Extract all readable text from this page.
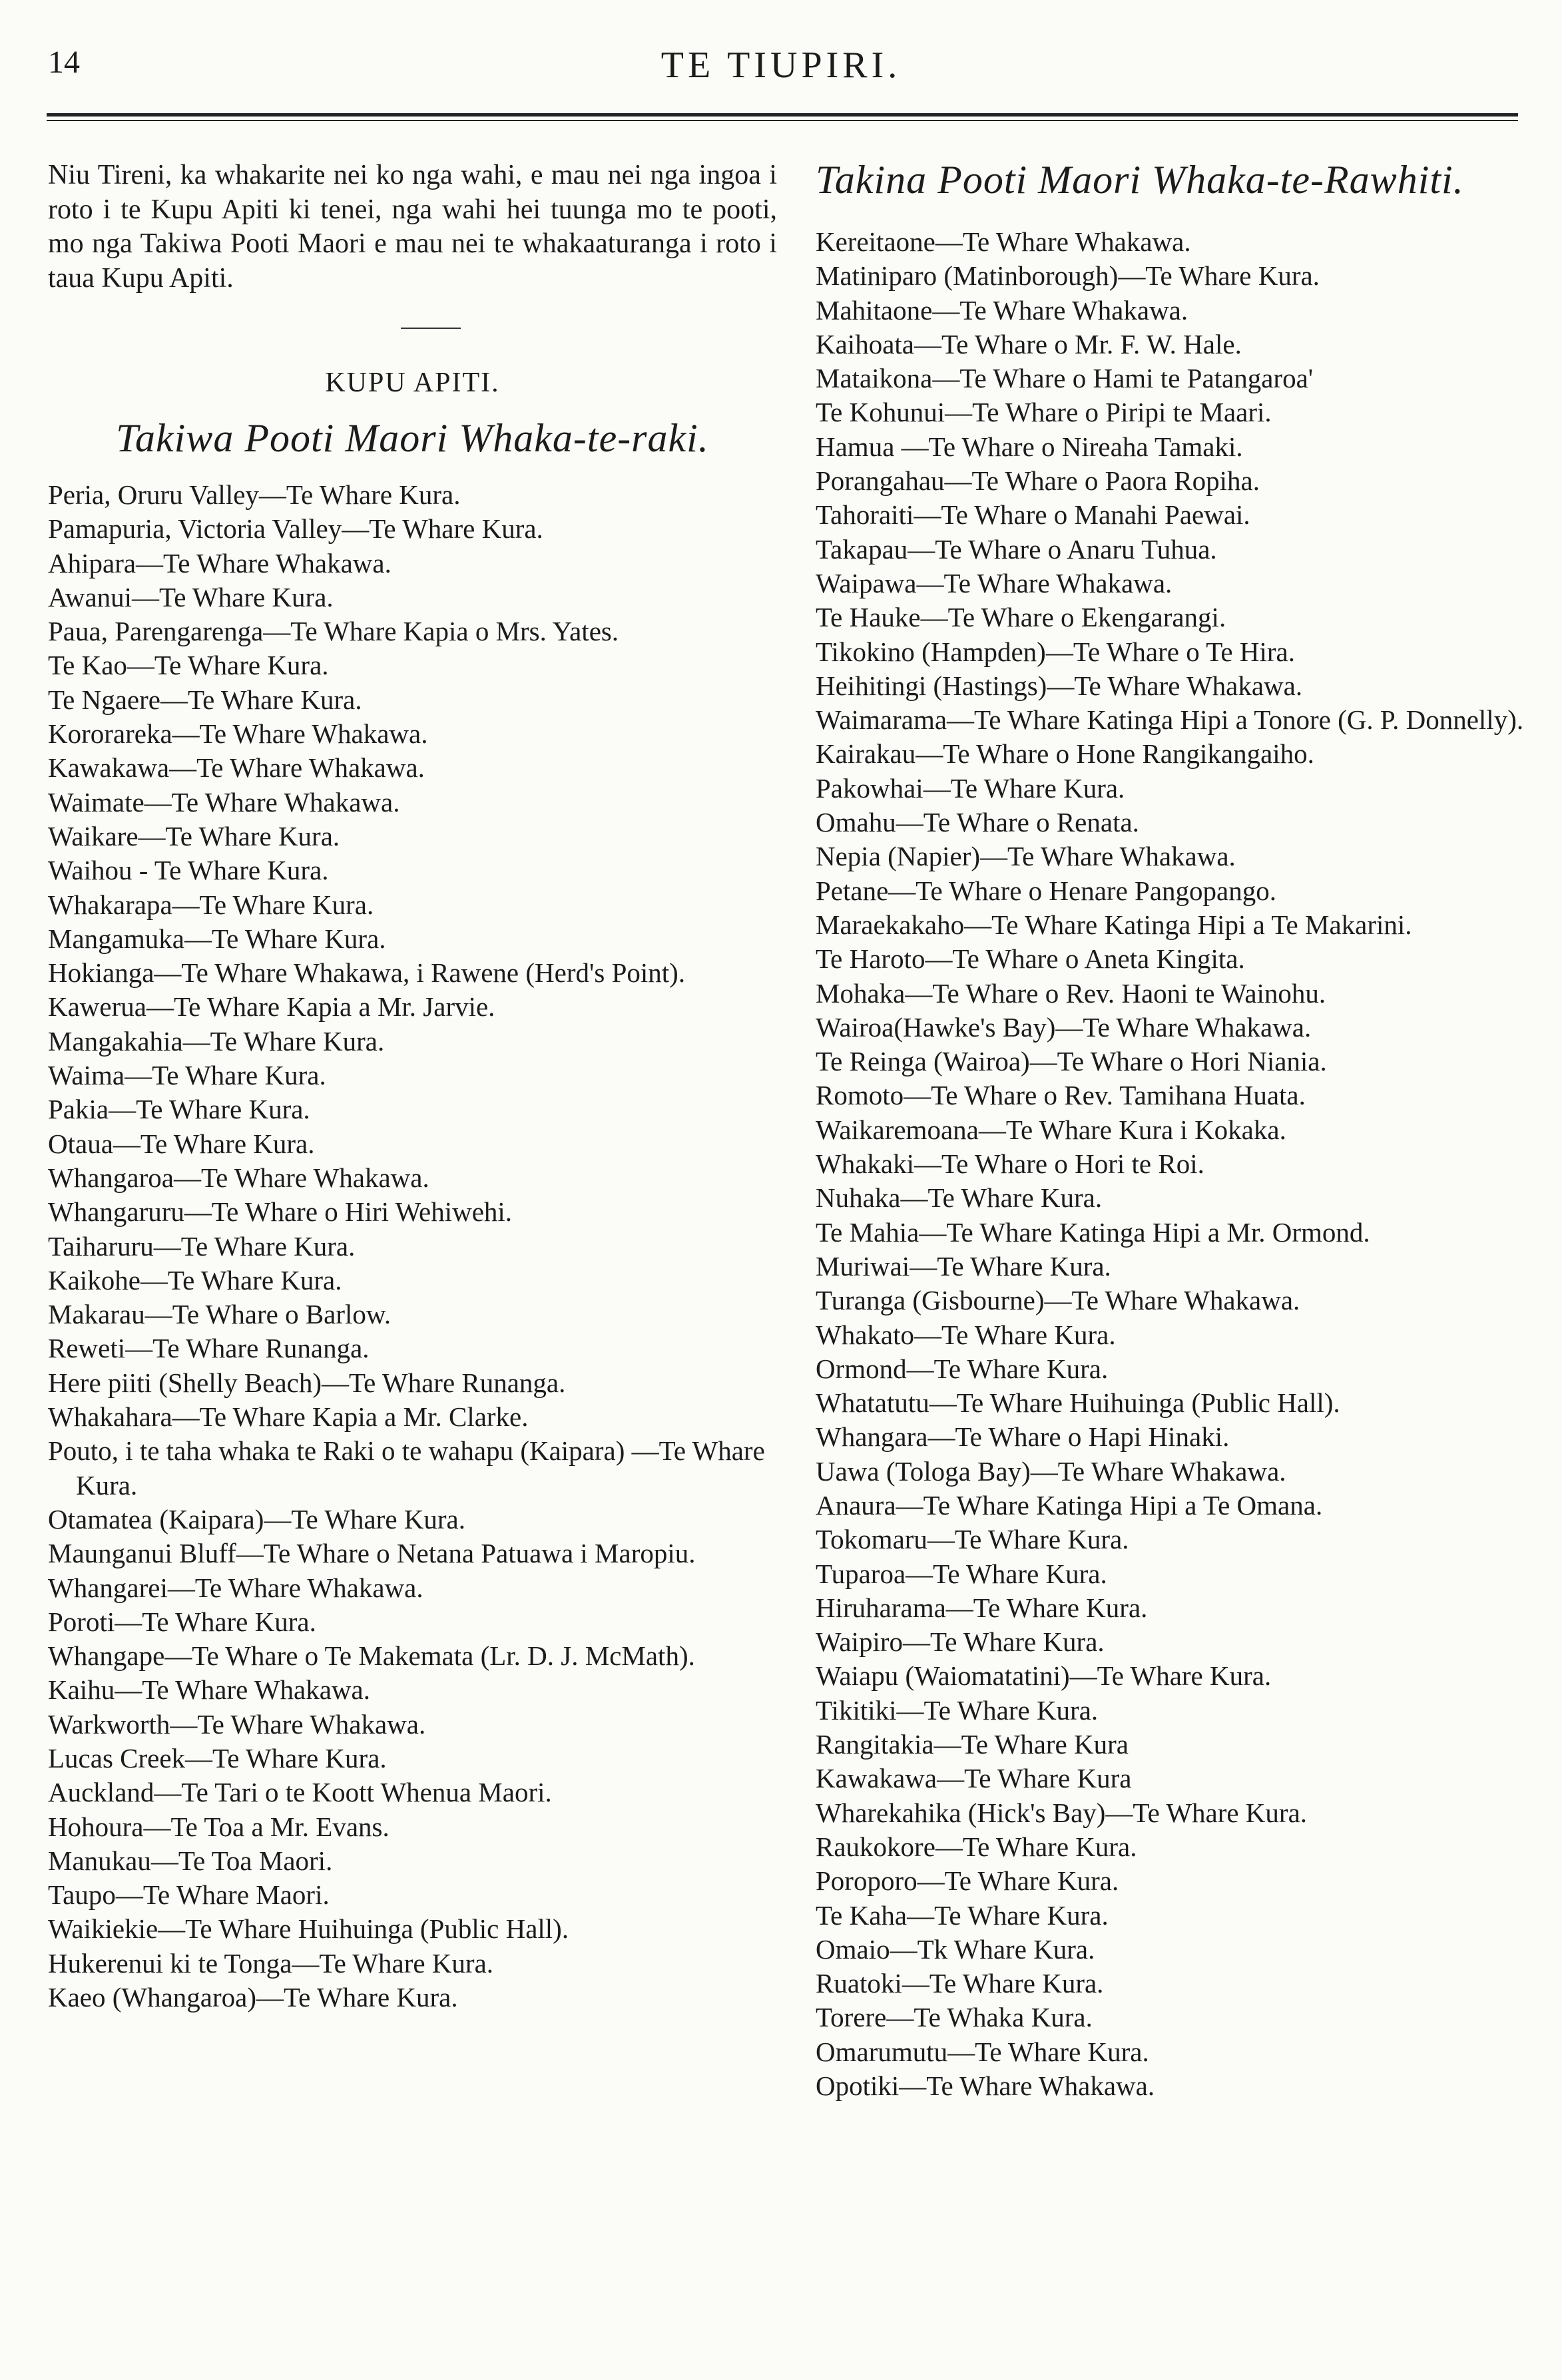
14	TE TIUPIRI.

Niu Tireni, ka whakarite nei ko nga wahi, e mau nei nga ingoa i roto i te Kupu Apiti ki tenei, nga wahi hei tuunga mo te pooti, mo nga Takiwa Pooti Maori e mau nei te whakaaturanga i roto i taua Kupu Apiti.

KUPU APITI.
Takiwa Pooti Maori Whaka-te-raki.
Peria, Oruru Valley—Te Whare Kura.
Pamapuria, Victoria Valley—Te Whare Kura.
Ahipara—Te Whare Whakawa.
Awanui—Te Whare Kura.
Paua, Parengarenga—Te Whare Kapia o Mrs. Yates.
Te Kao—Te Whare Kura.
Te Ngaere—Te Whare Kura.
Kororareka—Te Whare Whakawa.
Kawakawa—Te Whare Whakawa.
Waimate—Te Whare Whakawa.
Waikare—Te Whare Kura.
Waihou - Te Whare Kura.
Whakarapa—Te Whare Kura.
Mangamuka—Te Whare Kura.
Hokianga—Te Whare Whakawa, i Rawene (Herd's Point).
Kawerua—Te Whare Kapia a Mr. Jarvie.
Mangakahia—Te Whare Kura.
Waima—Te Whare Kura.
Pakia—Te Whare Kura.
Otaua—Te Whare Kura.
Whangaroa—Te Whare Whakawa.
Whangaruru—Te Whare o Hiri Wehiwehi.
Taiharuru—Te Whare Kura.
Kaikohe—Te Whare Kura.
Makarau—Te Whare o Barlow.
Reweti—Te Whare Runanga.
Here piiti (Shelly Beach)—Te Whare Runanga.
Whakahara—Te Whare Kapia a Mr. Clarke.
Pouto, i te taha whaka te Raki o te wahapu (Kaipara) —Te Whare Kura.
Otamatea (Kaipara)—Te Whare Kura.
Maunganui Bluff—Te Whare o Netana Patuawa i Maropiu.
Whangarei—Te Whare Whakawa.
Poroti—Te Whare Kura.
Whangape—Te Whare o Te Makemata (Lr. D. J. McMath).
Kaihu—Te Whare Whakawa.
Warkworth—Te Whare Whakawa.
Lucas Creek—Te Whare Kura.
Auckland—Te Tari o te Koott Whenua Maori.
Hohoura—Te Toa a Mr. Evans.
Manukau—Te Toa Maori.
Taupo—Te Whare Maori.
Waikiekie—Te Whare Huihuinga (Public Hall).
Hukerenui ki te Tonga—Te Whare Kura.
Kaeo (Whangaroa)—Te Whare Kura.
Takina Pooti Maori Whaka-te-Rawhiti.
Kereitaone—Te Whare Whakawa.
Matiniparo (Matinborough)—Te Whare Kura.
Mahitaone—Te Whare Whakawa.
Kaihoata—Te Whare o Mr. F. W. Hale.
Mataikona—Te Whare o Hami te Patangaroa'
Te Kohunui—Te Whare o Piripi te Maari.
Hamua —Te Whare o Nireaha Tamaki.
Porangahau—Te Whare o Paora Ropiha.
Tahoraiti—Te Whare o Manahi Paewai.
Takapau—Te Whare o Anaru Tuhua.
Waipawa—Te Whare Whakawa.
Te Hauke—Te Whare o Ekengarangi.
Tikokino (Hampden)—Te Whare o Te Hira.
Heihitingi (Hastings)—Te Whare Whakawa.
Waimarama—Te Whare Katinga Hipi a Tonore (G. P. Donnelly).
Kairakau—Te Whare o Hone Rangikangaiho.
Pakowhai—Te Whare Kura.
Omahu—Te Whare o Renata.
Nepia (Napier)—Te Whare Whakawa.
Petane—Te Whare o Henare Pangopango.
Maraekakaho—Te Whare Katinga Hipi a Te Makarini.
Te Haroto—Te Whare o Aneta Kingita.
Mohaka—Te Whare o Rev. Haoni te Wainohu.
Wairoa(Hawke's Bay)—Te Whare Whakawa.
Te Reinga (Wairoa)—Te Whare o Hori Niania.
Romoto—Te Whare o Rev. Tamihana Huata.
Waikaremoana—Te Whare Kura i Kokaka.
Whakaki—Te Whare o Hori te Roi.
Nuhaka—Te Whare Kura.
Te Mahia—Te Whare Katinga Hipi a Mr. Ormond.
Muriwai—Te Whare Kura.
Turanga (Gisbourne)—Te Whare Whakawa.
Whakato—Te Whare Kura.
Ormond—Te Whare Kura.
Whatatutu—Te Whare Huihuinga (Public Hall).
Whangara—Te Whare o Hapi Hinaki.
Uawa (Tologa Bay)—Te Whare Whakawa.
Anaura—Te Whare Katinga Hipi a Te Omana.
Tokomaru—Te Whare Kura.
Tuparoa—Te Whare Kura.
Hiruharama—Te Whare Kura.
Waipiro—Te Whare Kura.
Waiapu (Waiomatatini)—Te Whare Kura.
Tikitiki—Te Whare Kura.
Rangitakia—Te Whare Kura
Kawakawa—Te Whare Kura
Wharekahika (Hick's Bay)—Te Whare Kura.
Raukokore—Te Whare Kura.
Poroporo—Te Whare Kura.
Te Kaha—Te Whare Kura.
Omaio—Tk Whare Kura.
Ruatoki—Te Whare Kura.
Torere—Te Whaka Kura.
Omarumutu—Te Whare Kura.
Opotiki—Te Whare Whakawa.
